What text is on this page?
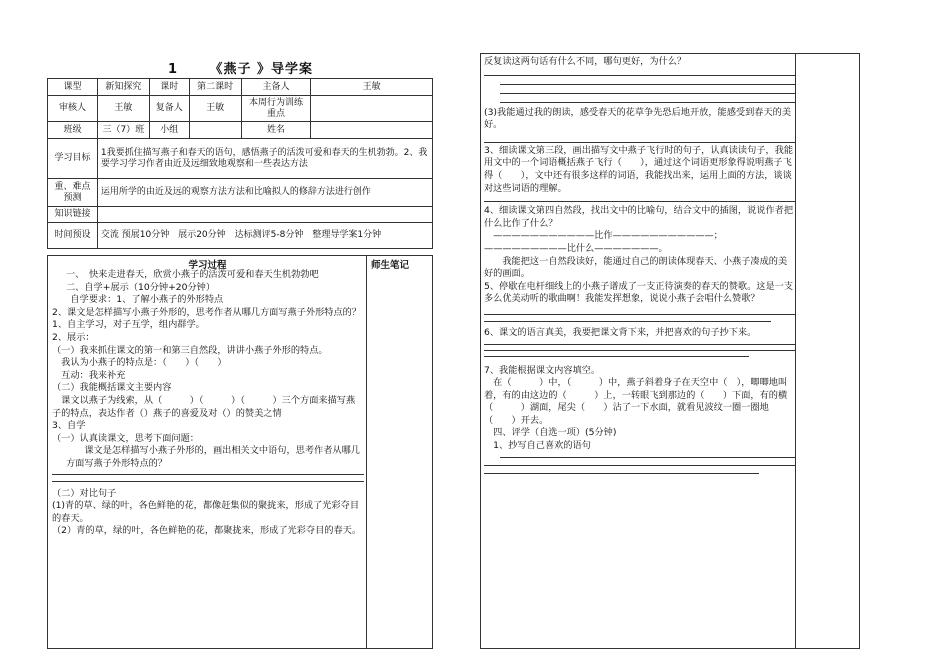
1 《燕子 》导学案
课型	新知探究	课时	第二课时	主备人	王敏
审核人	王敏	复备人	王敏	本周行为训练重点	
班级	三（7）班	小组		姓名	
学习目标	1我要抓住描写燕子和春天的语句，感悟燕子的活泼可爱和春天的生机勃勃。2、我要学习学习作者由近及远细致地观察和一些表达方法				
重、难点预测	运用所学的由近及远的观察方法方法和比喻拟人的修辞方法进行创作				
知识链接					
时间预设	交流 预展10分钟　展示20分钟　达标测评5-8分钟　整理导学案1分钟				
学习过程	师生笔记
一、　快来走进春天，欣赏小燕子的活泼可爱和春天生机勃勃吧
二、自学+展示（10分钟+20分钟）
　　自学要求：1、了解小燕子的外形特点
2、课文是怎样描写小燕子外形的，思考作者从哪几方面写燕子外形特点的？
1、自主学习，对子互学，组内群学。
2、展示：
（一）我来抓住课文的第一和第三自然段，讲讲小燕子外形的特点。
　我认为小燕子的特点是：（　　）（　　）
　互动：我来补充
（二）我能概括课文主要内容
　课文以燕子为线索，从（　　　）（　　　）（　　　）三个方面来描写燕子的特点，表达作者（）燕子的喜爱及对（）的赞美之情
3、自学
（一）认真读课文，思考下面问题：
　　课文是怎样描写小燕子外形的，画出相关文中语句，思考作者从哪几方面写燕子外形特点的？
（二）对比句子
(1)青的草、绿的叶，各色鲜艳的花，都像赶集似的聚拢来，形成了光彩夺目的春天。
（2）青的草，绿的叶，各色鲜艳的花，都聚拢来，形成了光彩夺目的春天。
反复读这两句话有什么不同，哪句更好，为什么？
(3)我能通过我的朗读，感受春天的花草争先恐后地开放，能感受到春天的美好。
3、细读课文第三段，画出描写文中燕子飞行时的句子，认真读读句子，我能用文中的一个词语概括燕子飞行（　　），通过这个词语更形象得说明燕子飞得（　　），文中还有很多这样的词语，我能找出来，运用上面的方法，谈谈对这些词语的理解。
4、细读课文第四自然段，找出文中的比喻句，结合文中的插图，说说作者把什么比作了什么？
　———————————比作———————————；—————————比什么———————。
　　我能把这一自然段读好，能通过自己的朗读体现春天、小燕子凑成的美好的画面。
5、停歇在电杆细线上的小燕子谱成了一支正待演奏的春天的赞歌。这是一支多么优美动听的歌曲啊！我能发挥想象，说说小燕子会唱什么赞歌？
6、课文的语言真美，我要把课文背下来，并把喜欢的句子抄下来。
7、我能根据课文内容填空。
　在（　　　）中，（　　　）中，燕子斜着身子在天空中（　），唧唧地叫着，有的由这边的（　　　）上，一转眼飞到那边的（　　）下面，有的横（　　　）湖面，尾尖（　　）沾了一下水面，就看见波纹一圈一圈地（　　）开去。
　四、评学（自选一项）(5分钟)
　1、抄写自己喜欢的语句
